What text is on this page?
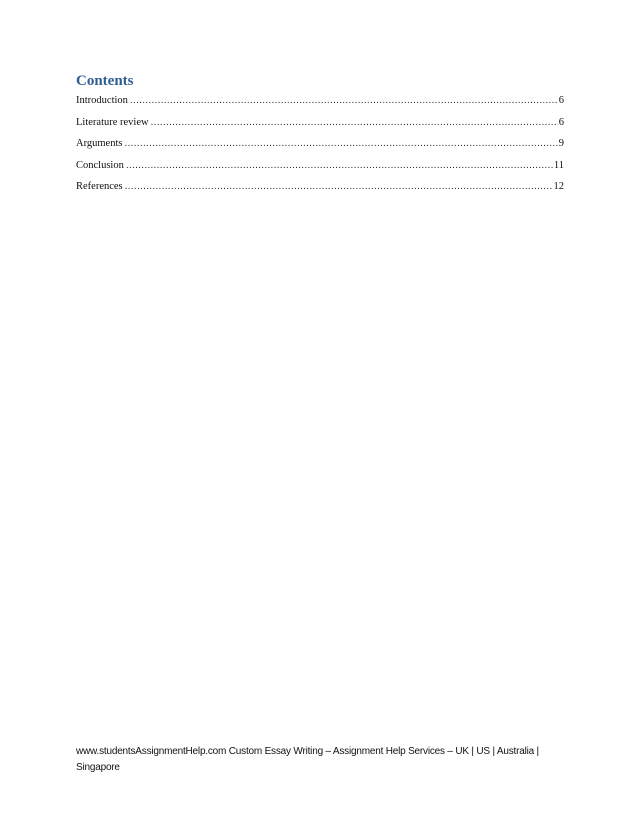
Contents
Introduction .....	6
Literature review .....	6
Arguments .....	9
Conclusion .....	11
References .....	12
www.studentsAssignmentHelp.com Custom Essay Writing – Assignment Help Services – UK | US | Australia | Singapore
